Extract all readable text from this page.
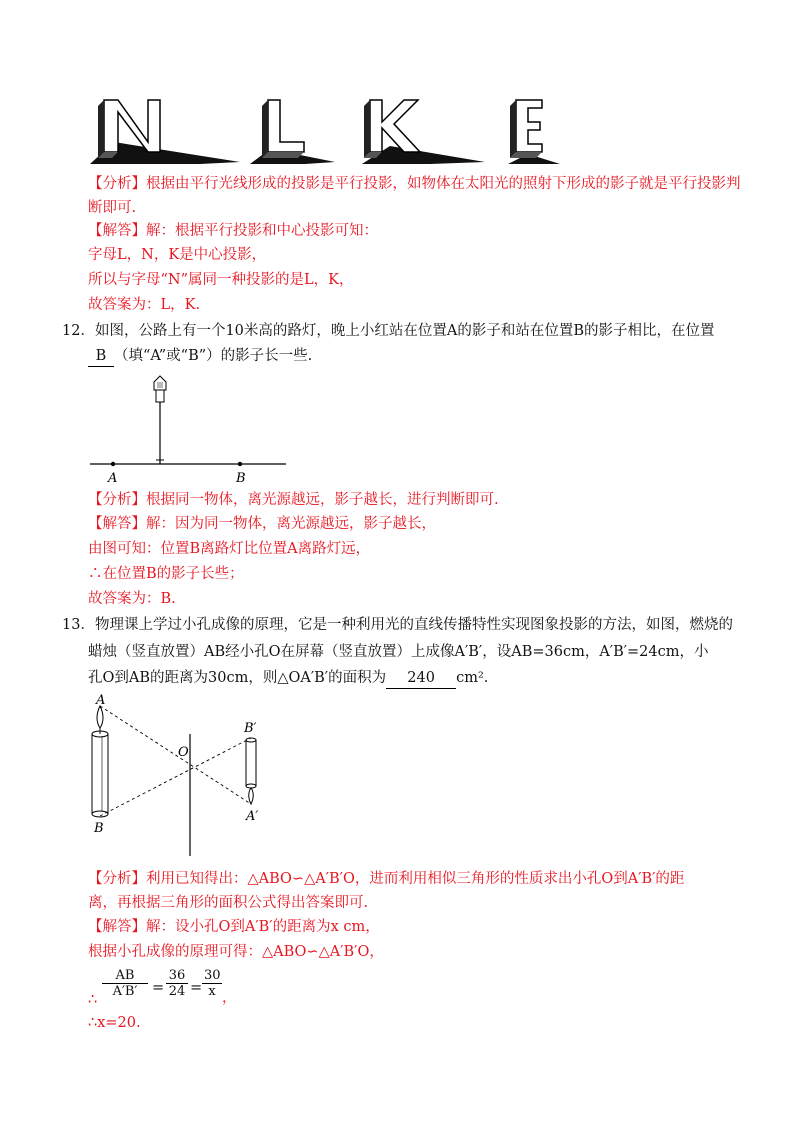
【分析】根据由平行光线形成的投影是平行投影，如物体在太阳光的照射下形成的影子就是平行投影判
断即可.
【解答】解：根据平行投影和中心投影可知：
字母L，N，K是中心投影，
所以与字母“N”属同一种投影的是L，K，
故答案为：L，K.
12．如图，公路上有一个10米高的路灯，晚上小红站在位置A的影子和站在位置B的影子相比，在位置
B （填“A”或“B”）的影子长一些.
A	B
【分析】根据同一物体，离光源越远，影子越长，进行判断即可.
【解答】解：因为同一物体，离光源越远，影子越长，
由图可知：位置B离路灯比位置A离路灯远，
∴在位置B的影子长些；
故答案为：B.
13．物理课上学过小孔成像的原理，它是一种利用光的直线传播特性实现图象投影的方法，如图，燃烧的
蜡烛（竖直放置）AB经小孔O在屏幕（竖直放置）上成像A′B′，设AB=36cm，A′B′=24cm，小
孔O到AB的距离为30cm，则△OA′B′的面积为 240 cm².
A
B
O
B′
A′
【分析】利用已知得出：△ABO∽△A′B′O，进而利用相似三角形的性质求出小孔O到A′B′的距
离，再根据三角形的面积公式得出答案即可.
【解答】解：设小孔O到A′B′的距离为x cm，
根据小孔成像的原理可得：△ABO∽△A′B′O，
∴
$\frac{AB}{A'B'} = \frac{36}{24} = \frac{30}{x}$ ，
∴x=20.
